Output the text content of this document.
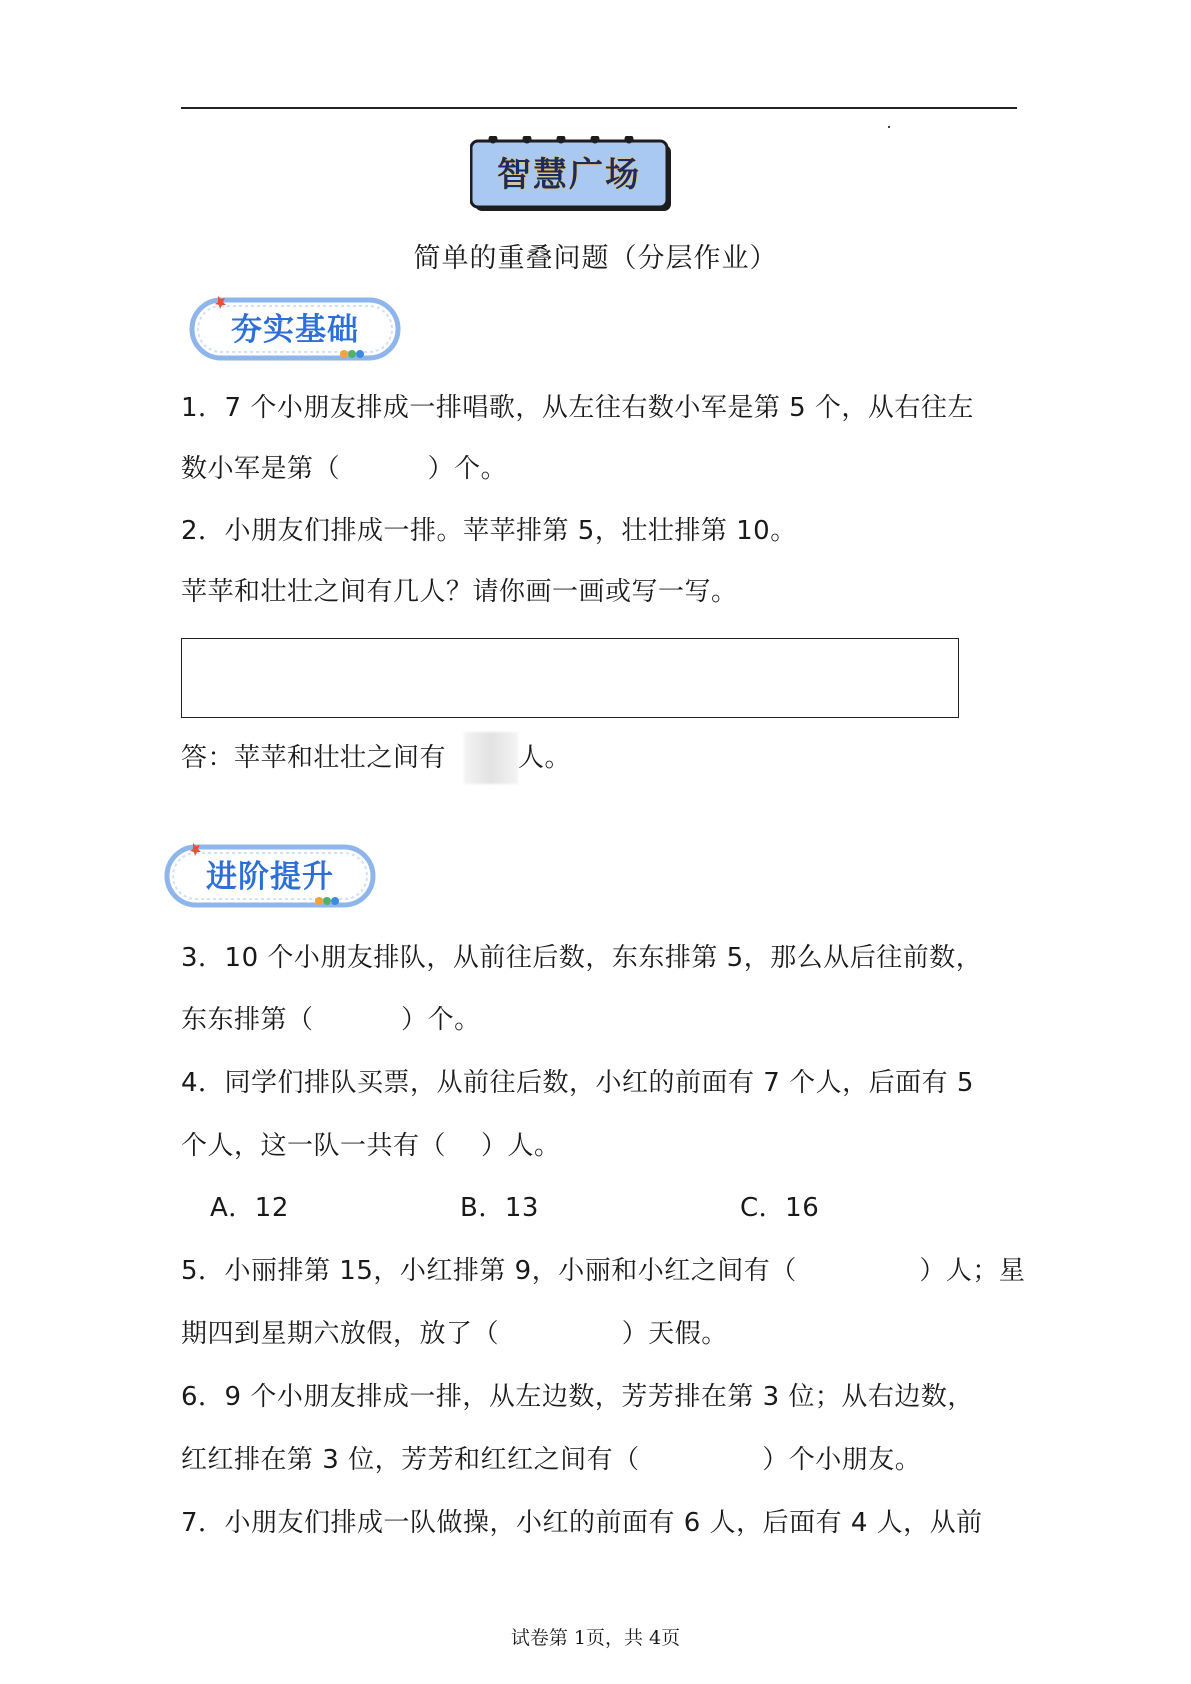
智慧广场
简单的重叠问题（分层作业）
夯实基础
1．7 个小朋友排成一排唱歌，从左往右数小军是第 5 个，从右往左
数小军是第（          ）个。
2．小朋友们排成一排。苹苹排第 5，壮壮排第 10。
苹苹和壮壮之间有几人？请你画一画或写一写。
答：苹苹和壮壮之间有	人。
进阶提升
3．10 个小朋友排队，从前往后数，东东排第 5，那么从后往前数，
东东排第（          ）个。
4．同学们排队买票，从前往后数，小红的前面有 7 个人，后面有 5
个人，这一队一共有（    ）人。
A．12	B．13	C．16
5．小丽排第 15，小红排第 9，小丽和小红之间有（              ）人；星
期四到星期六放假，放了（              ）天假。
6．9 个小朋友排成一排，从左边数，芳芳排在第 3 位；从右边数，
红红排在第 3 位，芳芳和红红之间有（              ）个小朋友。
7．小朋友们排成一队做操，小红的前面有 6 人，后面有 4 人，从前
试卷第 1页，共 4页
